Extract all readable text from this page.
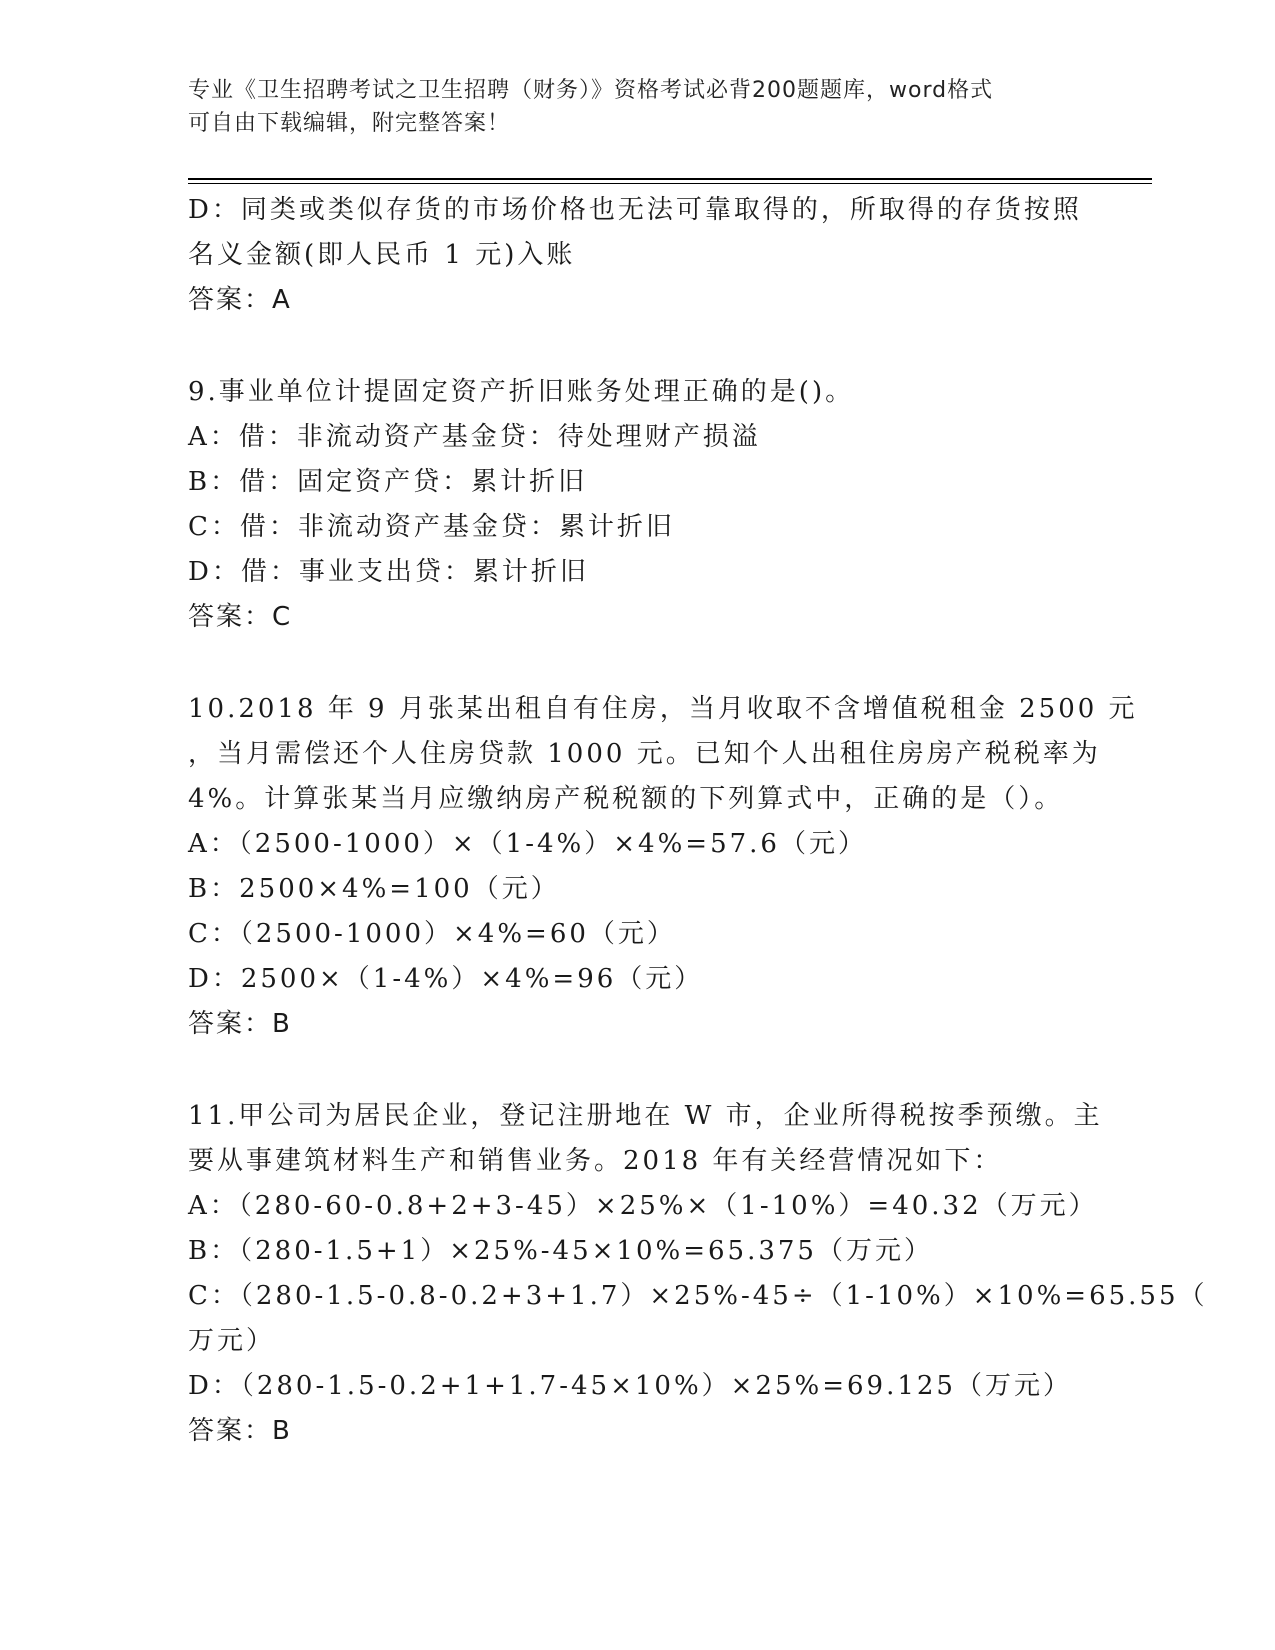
专业《卫生招聘考试之卫生招聘（财务）》资格考试必背200题题库，word格式
可自由下载编辑，附完整答案！
D：同类或类似存货的市场价格也无法可靠取得的，所取得的存货按照
名义金额(即人民币 1 元)入账
答案：A
9.事业单位计提固定资产折旧账务处理正确的是()。
A：借：非流动资产基金贷：待处理财产损溢
B：借：固定资产贷：累计折旧
C：借：非流动资产基金贷：累计折旧
D：借：事业支出贷：累计折旧
答案：C
10.2018 年 9 月张某出租自有住房，当月收取不含增值税租金 2500 元
，当月需偿还个人住房贷款 1000 元。已知个人出租住房房产税税率为
4%。计算张某当月应缴纳房产税税额的下列算式中，正确的是（）。
A：（2500-1000）×（1-4%）×4%=57.6（元）
B：2500×4%=100（元）
C：（2500-1000）×4%=60（元）
D：2500×（1-4%）×4%=96（元）
答案：B
11.甲公司为居民企业，登记注册地在 W 市，企业所得税按季预缴。主
要从事建筑材料生产和销售业务。2018 年有关经营情况如下：
A：（280-60-0.8+2+3-45）×25%×（1-10%）=40.32（万元）
B：（280-1.5+1）×25%-45×10%=65.375（万元）
C：（280-1.5-0.8-0.2+3+1.7）×25%-45÷（1-10%）×10%=65.55（
万元）
D：（280-1.5-0.2+1+1.7-45×10%）×25%=69.125（万元）
答案：B
